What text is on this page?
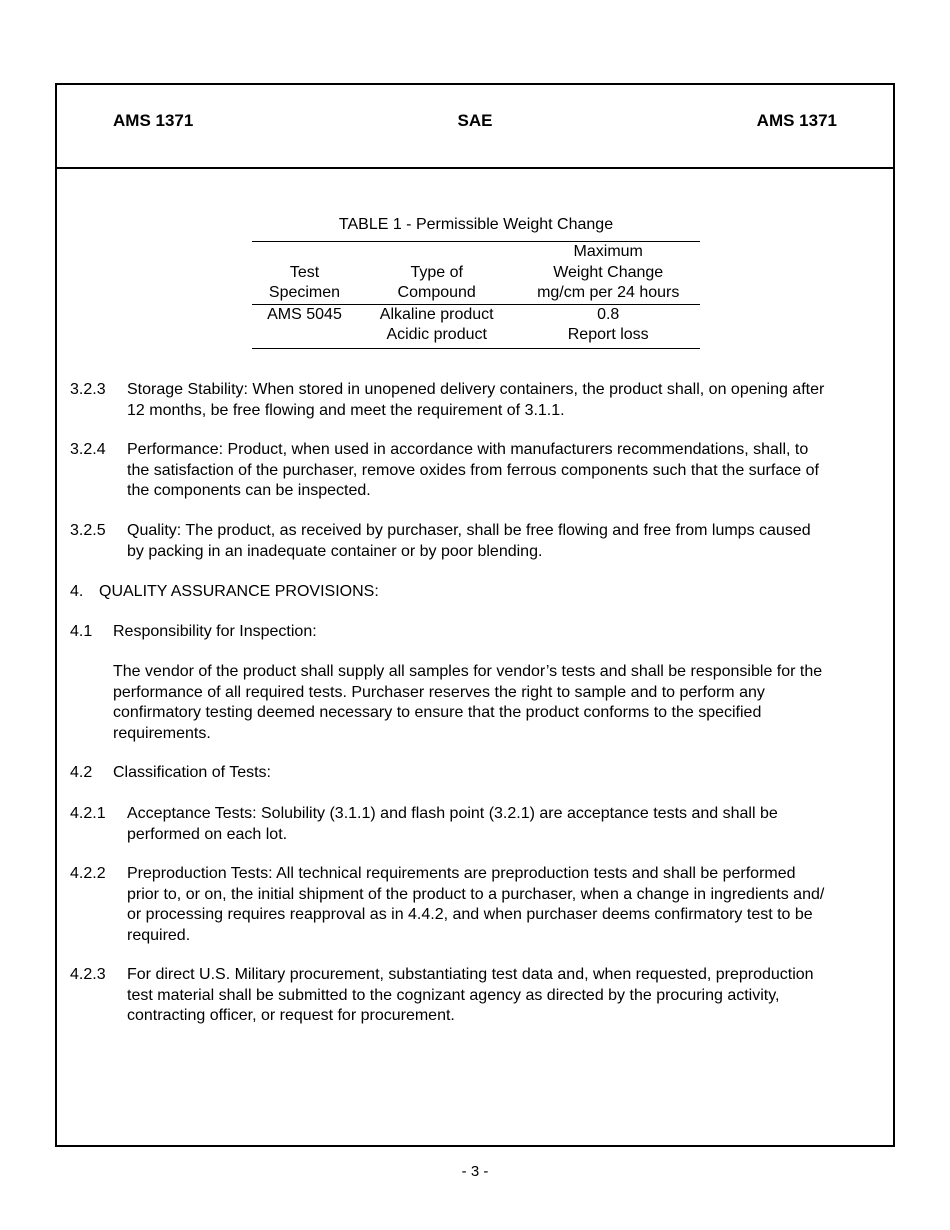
AMS 1371	SAE	AMS 1371
TABLE 1 - Permissible Weight Change
		Maximum
Test	Type of	Weight Change
Specimen	Compound	mg/cm per 24 hours
AMS 5045	Alkaline product	0.8
	Acidic product	Report loss
3.2.3 Storage Stability: When stored in unopened delivery containers, the product shall, on opening after
12 months, be free flowing and meet the requirement of 3.1.1.
3.2.4 Performance: Product, when used in accordance with manufacturers recommendations, shall, to
the satisfaction of the purchaser, remove oxides from ferrous components such that the surface of
the components can be inspected.
3.2.5 Quality: The product, as received by purchaser, shall be free flowing and free from lumps caused
by packing in an inadequate container or by poor blending.
4. QUALITY ASSURANCE PROVISIONS:
4.1 Responsibility for Inspection:
The vendor of the product shall supply all samples for vendor’s tests and shall be responsible for the
performance of all required tests. Purchaser reserves the right to sample and to perform any
confirmatory testing deemed necessary to ensure that the product conforms to the specified
requirements.
4.2 Classification of Tests:
4.2.1 Acceptance Tests: Solubility (3.1.1) and flash point (3.2.1) are acceptance tests and shall be
performed on each lot.
4.2.2 Preproduction Tests: All technical requirements are preproduction tests and shall be performed
prior to, or on, the initial shipment of the product to a purchaser, when a change in ingredients and/
or processing requires reapproval as in 4.4.2, and when purchaser deems confirmatory test to be
required.
4.2.3 For direct U.S. Military procurement, substantiating test data and, when requested, preproduction
test material shall be submitted to the cognizant agency as directed by the procuring activity,
contracting officer, or request for procurement.
- 3 -
